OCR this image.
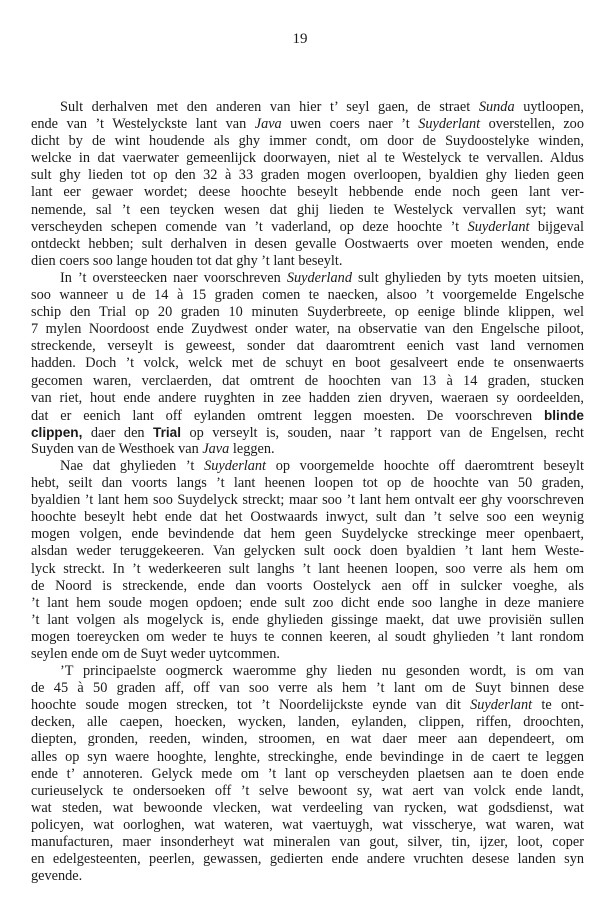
19
Sult derhalven met den anderen van hier t’ seyl gaen, de straet Sunda uytloopen,
ende van ’t Westelyckste lant van Java uwen coers naer ’t Suyderlant overstellen, zoo
dicht by de wint houdende als ghy immer condt, om door de Suydoostelyke winden,
welcke in dat vaerwater gemeenlijck doorwayen, niet al te Westelyck te vervallen. Aldus
sult ghy lieden tot op den 32 à 33 graden mogen overloopen, byaldien ghy lieden geen
lant eer gewaer wordet; deese hoochte beseylt hebbende ende noch geen lant ver-
nemende, sal ’t een teycken wesen dat ghij lieden te Westelyck vervallen syt; want
verscheyden schepen comende van ’t vaderland, op deze hoochte ’t Suyderlant bijgeval
ontdeckt hebben; sult derhalven in desen gevalle Oostwaerts over moeten wenden, ende
dien coers soo lange houden tot dat ghy ’t lant beseylt.
In ’t oversteecken naer voorschreven Suyderland sult ghylieden by tyts moeten uitsien,
soo wanneer u de 14 à 15 graden comen te naecken, alsoo ’t voorgemelde Engelsche
schip den Trial op 20 graden 10 minuten Suyderbreete, op eenige blinde klippen, wel
7 mylen Noordoost ende Zuydwest onder water, na observatie van den Engelsche piloot,
streckende, verseylt is geweest, sonder dat daaromtrent eenich vast land vernomen
hadden. Doch ’t volck, welck met de schuyt en boot gesalveert ende te onsenwaerts
gecomen waren, verclaerden, dat omtrent de hoochten van 13 à 14 graden, stucken
van riet, hout ende andere ruyghten in zee hadden zien dryven, waeraen sy oordeelden,
dat er eenich lant off eylanden omtrent leggen moesten. De voorschreven blinde
clippen, daer den Trial op verseylt is, souden, naar ’t rapport van de Engelsen, recht
Suyden van de Westhoek van Java leggen.
Nae dat ghylieden ’t Suyderlant op voorgemelde hoochte off daeromtrent beseylt
hebt, seilt dan voorts langs ’t lant heenen loopen tot op de hoochte van 50 graden,
byaldien ’t lant hem soo Suydelyck streckt; maar soo ’t lant hem ontvalt eer ghy voorschreven
hoochte beseylt hebt ende dat het Oostwaards inwyct, sult dan ’t selve soo een weynig
mogen volgen, ende bevindende dat hem geen Suydelycke streckinge meer openbaert,
alsdan weder teruggekeeren. Van gelycken sult oock doen byaldien ’t lant hem Weste-
lyck streckt. In ’t wederkeeren sult langhs ’t lant heenen loopen, soo verre als hem om
de Noord is streckende, ende dan voorts Oostelyck aen off in sulcker voeghe, als
’t lant hem soude mogen opdoen; ende sult zoo dicht ende soo langhe in deze maniere
’t lant volgen als mogelyck is, ende ghylieden gissinge maekt, dat uwe provisiën sullen
mogen toereycken om weder te huys te connen keeren, al soudt ghylieden ’t lant rondom
seylen ende om de Suyt weder uytcommen.
’T principaelste oogmerck waeromme ghy lieden nu gesonden wordt, is om van
de 45 à 50 graden aff, off van soo verre als hem ’t lant om de Suyt binnen dese
hoochte soude mogen strecken, tot ’t Noordelijckste eynde van dit Suyderlant te ont-
decken, alle caepen, hoecken, wycken, landen, eylanden, clippen, riffen, droochten,
diepten, gronden, reeden, winden, stroomen, en wat daer meer aan dependeert, om
alles op syn waere hooghte, lenghte, streckinghe, ende bevindinge in de caert te leggen
ende t’ annoteren. Gelyck mede om ’t lant op verscheyden plaetsen aan te doen ende
curieuselyck te ondersoeken off ’t selve bewoont sy, wat aert van volck ende landt,
wat steden, wat bewoonde vlecken, wat verdeeling van rycken, wat godsdienst, wat
policyen, wat oorloghen, wat wateren, wat vaertuygh, wat visscherye, wat waren, wat
manufacturen, maer insonderheyt wat mineralen van gout, silver, tin, ijzer, loot, coper
en edelgesteenten, peerlen, gewassen, gedierten ende andere vruchten desese landen syn
gevende.
